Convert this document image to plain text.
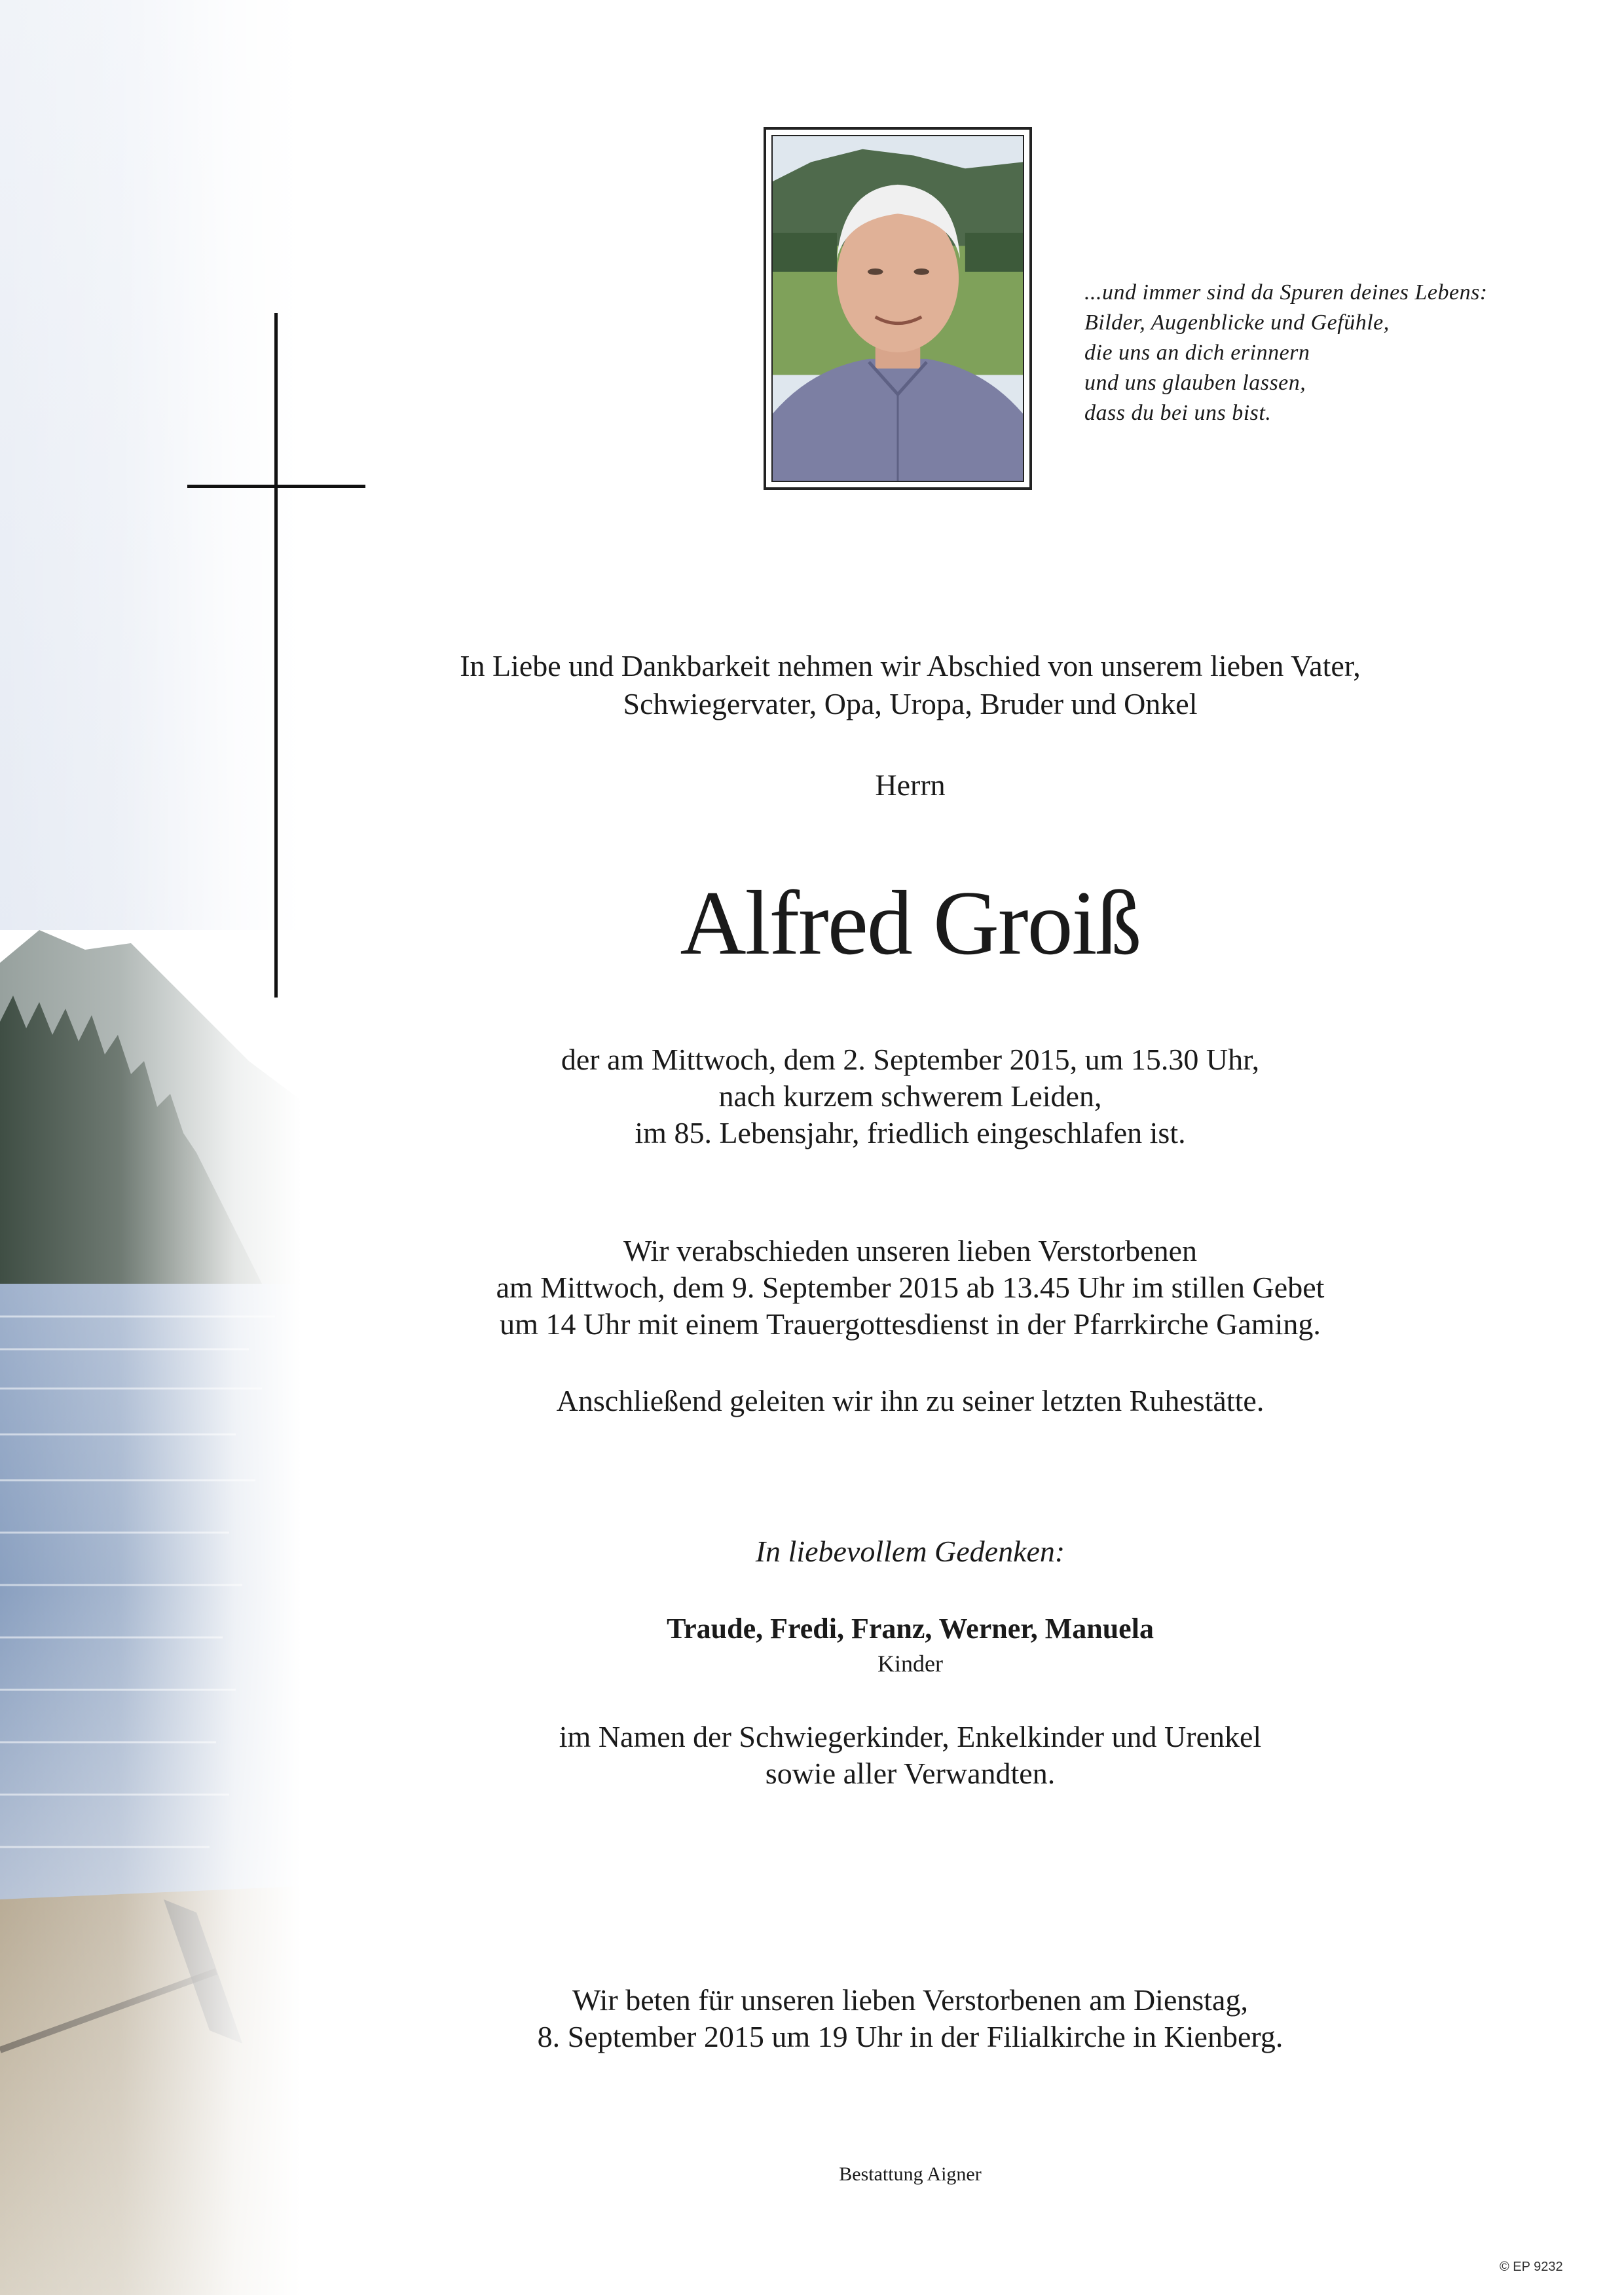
...und immer sind da Spuren deines Lebens:
Bilder, Augenblicke und Gefühle,
die uns an dich erinnern
und uns glauben lassen,
dass du bei uns bist.
In Liebe und Dankbarkeit nehmen wir Abschied von unserem lieben Vater,
Schwiegervater, Opa, Uropa, Bruder und Onkel
Herrn
Alfred Groiß
der am Mittwoch, dem 2. September 2015, um 15.30 Uhr,
nach kurzem schwerem Leiden,
im 85. Lebensjahr, friedlich eingeschlafen ist.
Wir verabschieden unseren lieben Verstorbenen
am Mittwoch, dem 9. September 2015 ab 13.45 Uhr im stillen Gebet
um 14 Uhr mit einem Trauergottesdienst in der Pfarrkirche Gaming.
Anschließend geleiten wir ihn zu seiner letzten Ruhestätte.
In liebevollem Gedenken:
Traude, Fredi, Franz, Werner, Manuela
Kinder
im Namen der Schwiegerkinder, Enkelkinder und Urenkel
sowie aller Verwandten.
Wir beten für unseren lieben Verstorbenen am Dienstag,
8. September 2015 um 19 Uhr in der Filialkirche in Kienberg.
Bestattung Aigner
© EP 9232
